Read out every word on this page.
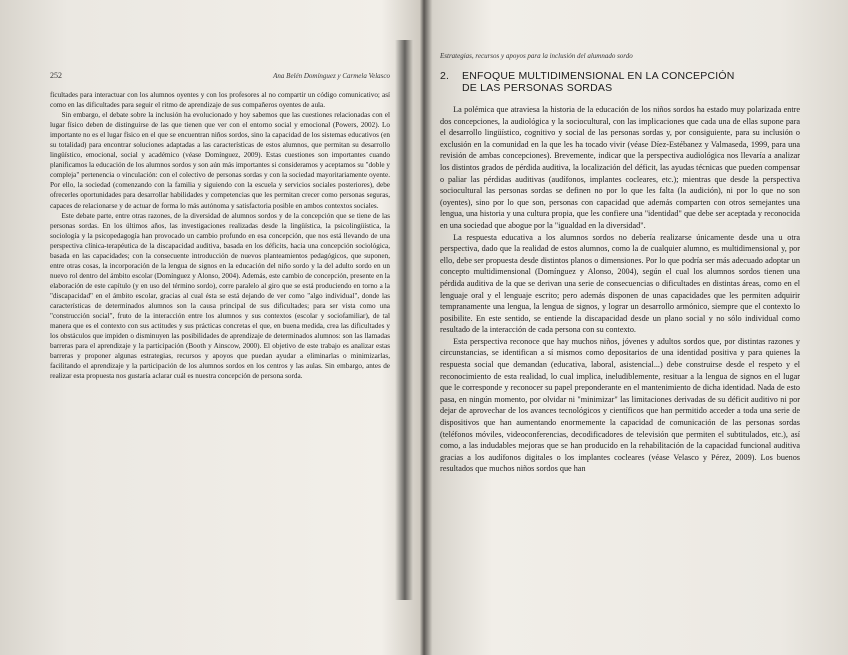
252	Ana Belén Domínguez y Carmela Velasco

ficultades para interactuar con los alumnos oyentes y con los profesores al no compartir un código comunicativo; así como en las dificultades para seguir el ritmo de aprendizaje de sus compañeros oyentes de aula.

Sin embargo, el debate sobre la inclusión ha evolucionado y hoy sabemos que las cuestiones relacionadas con el lugar físico deben de distinguirse de las que tienen que ver con el entorno social y emocional (Powers, 2002). Lo importante no es el lugar físico en el que se encuentran niños sordos, sino la capacidad de los sistemas educativos (en su totalidad) para encontrar soluciones adaptadas a las características de estos alumnos, que permitan su desarrollo lingüístico, emocional, social y académico (véase Domínguez, 2009). Estas cuestiones son importantes cuando planificamos la educación de los alumnos sordos y son aún más importantes si consideramos y aceptamos su "doble y compleja" pertenencia o vinculación: con el colectivo de personas sordas y con la sociedad mayoritariamente oyente. Por ello, la sociedad (comenzando con la familia y siguiendo con la escuela y servicios sociales posteriores), debe ofrecerles oportunidades para desarrollar habilidades y competencias que les permitan crecer como personas seguras, capaces de relacionarse y de actuar de forma lo más autónoma y satisfactoria posible en ambos contextos sociales.

Este debate parte, entre otras razones, de la diversidad de alumnos sordos y de la concepción que se tiene de las personas sordas. En los últimos años, las investigaciones realizadas desde la lingüística, la psicolingüística, la sociología y la psicopedagogía han provocado un cambio profundo en esa concepción, que nos está llevando de una perspectiva clínica-terapéutica de la discapacidad auditiva, basada en los déficits, hacia una concepción sociológica, basada en las capacidades; con la consecuente introducción de nuevos planteamientos pedagógicos, que suponen, entre otras cosas, la incorporación de la lengua de signos en la educación del niño sordo y la del adulto sordo en un nuevo rol dentro del ámbito escolar (Domínguez y Alonso, 2004). Además, este cambio de concepción, presente en la elaboración de este capítulo (y en uso del término sordo), corre paralelo al giro que se está produciendo en torno a la "discapacidad" en el ámbito escolar, gracias al cual ésta se está dejando de ver como "algo individual", donde las características de determinados alumnos son la causa principal de sus dificultades; para ser vista como una "construcción social", fruto de la interacción entre los alumnos y sus contextos (escolar y sociofamiliar), de tal manera que es el contexto con sus actitudes y sus prácticas concretas el que, en buena medida, crea las dificultades y los obstáculos que impiden o disminuyen las posibilidades de aprendizaje de determinados alumnos: son las llamadas barreras para el aprendizaje y la participación (Booth y Ainscow, 2000). El objetivo de este trabajo es analizar estas barreras y proponer algunas estrategias, recursos y apoyos que puedan ayudar a eliminarlas o minimizarlas, facilitando el aprendizaje y la participación de los alumnos sordos en los centros y las aulas. Sin embargo, antes de realizar esta propuesta nos gustaría aclarar cuál es nuestra concepción de persona sorda.

Estrategias, recursos y apoyos para la inclusión del alumnado sordo
2. ENFOQUE MULTIDIMENSIONAL EN LA CONCEPCIÓN
DE LAS PERSONAS SORDAS

La polémica que atraviesa la historia de la educación de los niños sordos ha estado muy polarizada entre dos concepciones, la audiológica y la sociocultural, con las implicaciones que cada una de ellas supone para el desarrollo lingüístico, cognitivo y social de las personas sordas y, por consiguiente, para su inclusión o exclusión en la comunidad en la que les ha tocado vivir (véase Díez-Estébanez y Valmaseda, 1999, para una revisión de ambas concepciones). Brevemente, indicar que la perspectiva audiológica nos llevaría a analizar los distintos grados de pérdida auditiva, la localización del déficit, las ayudas técnicas que pueden compensar o paliar las pérdidas auditivas (audífonos, implantes cocleares, etc.); mientras que desde la perspectiva sociocultural las personas sordas se definen no por lo que les falta (la audición), ni por lo que no son (oyentes), sino por lo que son, personas con capacidad que además comparten con otros semejantes una lengua, una historia y una cultura propia, que les confiere una "identidad" que debe ser aceptada y reconocida en una sociedad que abogue por la "igualdad en la diversidad".

La respuesta educativa a los alumnos sordos no debería realizarse únicamente desde una u otra perspectiva, dado que la realidad de estos alumnos, como la de cualquier alumno, es multidimensional y, por ello, debe ser propuesta desde distintos planos o dimensiones. Por lo que podría ser más adecuado adoptar un concepto multidimensional (Domínguez y Alonso, 2004), según el cual los alumnos sordos tienen una pérdida auditiva de la que se derivan una serie de consecuencias o dificultades en distintas áreas, como en el lenguaje oral y el lenguaje escrito; pero además disponen de unas capacidades que les permiten adquirir tempranamente una lengua, la lengua de signos, y lograr un desarrollo armónico, siempre que el contexto lo posibilite. En este sentido, se entiende la discapacidad desde un plano social y no sólo individual como resultado de la interacción de cada persona con su contexto.

Esta perspectiva reconoce que hay muchos niños, jóvenes y adultos sordos que, por distintas razones y circunstancias, se identifican a sí mismos como depositarios de una identidad positiva y para quienes la respuesta social que demandan (educativa, laboral, asistencial...) debe construirse desde el respeto y el reconocimiento de esta realidad, lo cual implica, ineludiblemente, resituar a la lengua de signos en el lugar que le corresponde y reconocer su papel preponderante en el mantenimiento de dicha identidad. Nada de esto pasa, en ningún momento, por olvidar ni "minimizar" las limitaciones derivadas de su déficit auditivo ni por dejar de aprovechar de los avances tecnológicos y científicos que han permitido acceder a toda una serie de dispositivos que han aumentando enormemente la capacidad de comunicación de las personas sordas (teléfonos móviles, videoconferencias, decodificadores de televisión que permiten el subtitulados, etc.), así como, a las indudables mejoras que se han producido en la rehabilitación de la capacidad funcional auditiva gracias a los audífonos digitales o los implantes cocleares (véase Velasco y Pérez, 2009). Los buenos resultados que muchos niños sordos que han
